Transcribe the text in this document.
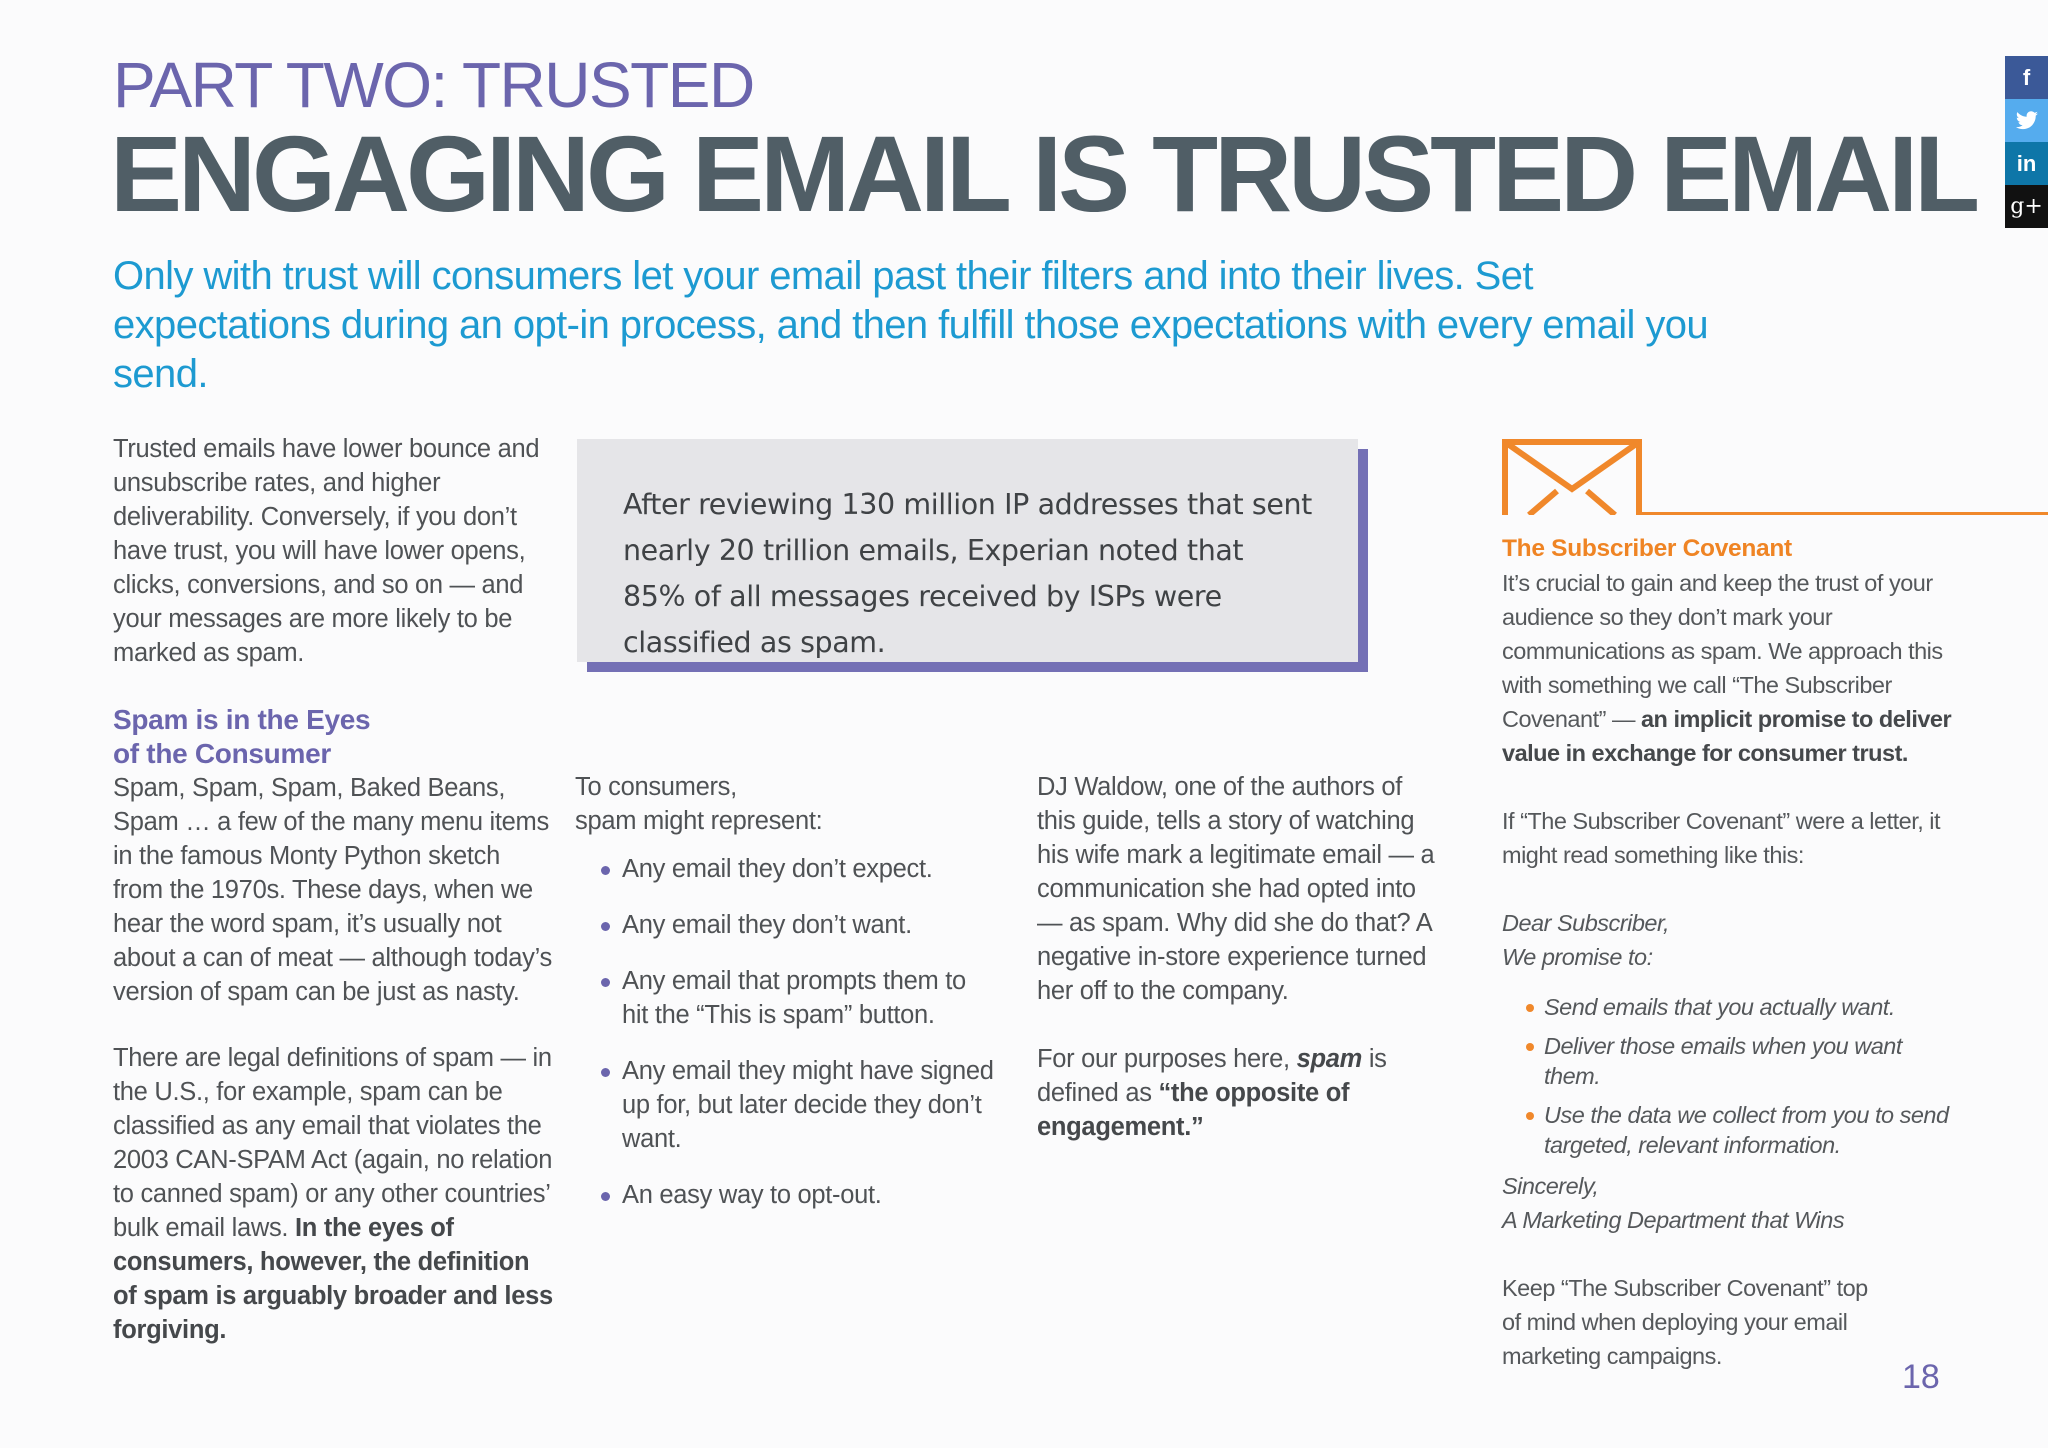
PART TWO: TRUSTED
ENGAGING EMAIL IS TRUSTED EMAIL
Only with trust will consumers let your email past their filters and into their lives. Set expectations during an opt-in process, and then fulfill those expectations with every email you send.

Trusted emails have lower bounce and unsubscribe rates, and higher deliverability. Conversely, if you don’t have trust, you will have lower opens, clicks, conversions, and so on — and your messages are more likely to be marked as spam.

Spam is in the Eyes

of the Consumer

Spam, Spam, Spam, Baked Beans, Spam … a few of the many menu items in the famous Monty Python sketch from the 1970s. These days, when we hear the word spam, it’s usually not about a can of meat — although today’s version of spam can be just as nasty.

There are legal definitions of spam — in the U.S., for example, spam can be classified as any email that violates the 2003 CAN-SPAM Act (again, no relation to canned spam) or any other countries’ bulk email laws. In the eyes of consumers, however, the definition of spam is arguably broader and less forgiving.

After reviewing 130 million IP addresses that sent nearly 20 trillion emails, Experian noted that 85% of all messages received by ISPs were classified as spam.

To consumers,

spam might represent:

Any email they don’t expect.
Any email they don’t want.
Any email that prompts them to hit the “This is spam” button.
Any email they might have signed up for, but later decide they don’t want.
An easy way to opt-out.

DJ Waldow, one of the authors of this guide, tells a story of watching his wife mark a legitimate email — a communication she had opted into — as spam. Why did she do that? A negative in-store experience turned her off to the company.

For our purposes here, spam is defined as “the opposite of engagement.”

The Subscriber Covenant

It’s crucial to gain and keep the trust of your audience so they don’t mark your communications as spam. We approach this with something we call “The Subscriber Covenant” — an implicit promise to deliver value in exchange for consumer trust.

If “The Subscriber Covenant” were a letter, it might read something like this:

Dear Subscriber,

We promise to:

Send emails that you actually want.
Deliver those emails when you want them.
Use the data we collect from you to send targeted, relevant information.

Sincerely,

A Marketing Department that Wins

Keep “The Subscriber Covenant” top of mind when deploying your email marketing campaigns.

18
f
in
g+
